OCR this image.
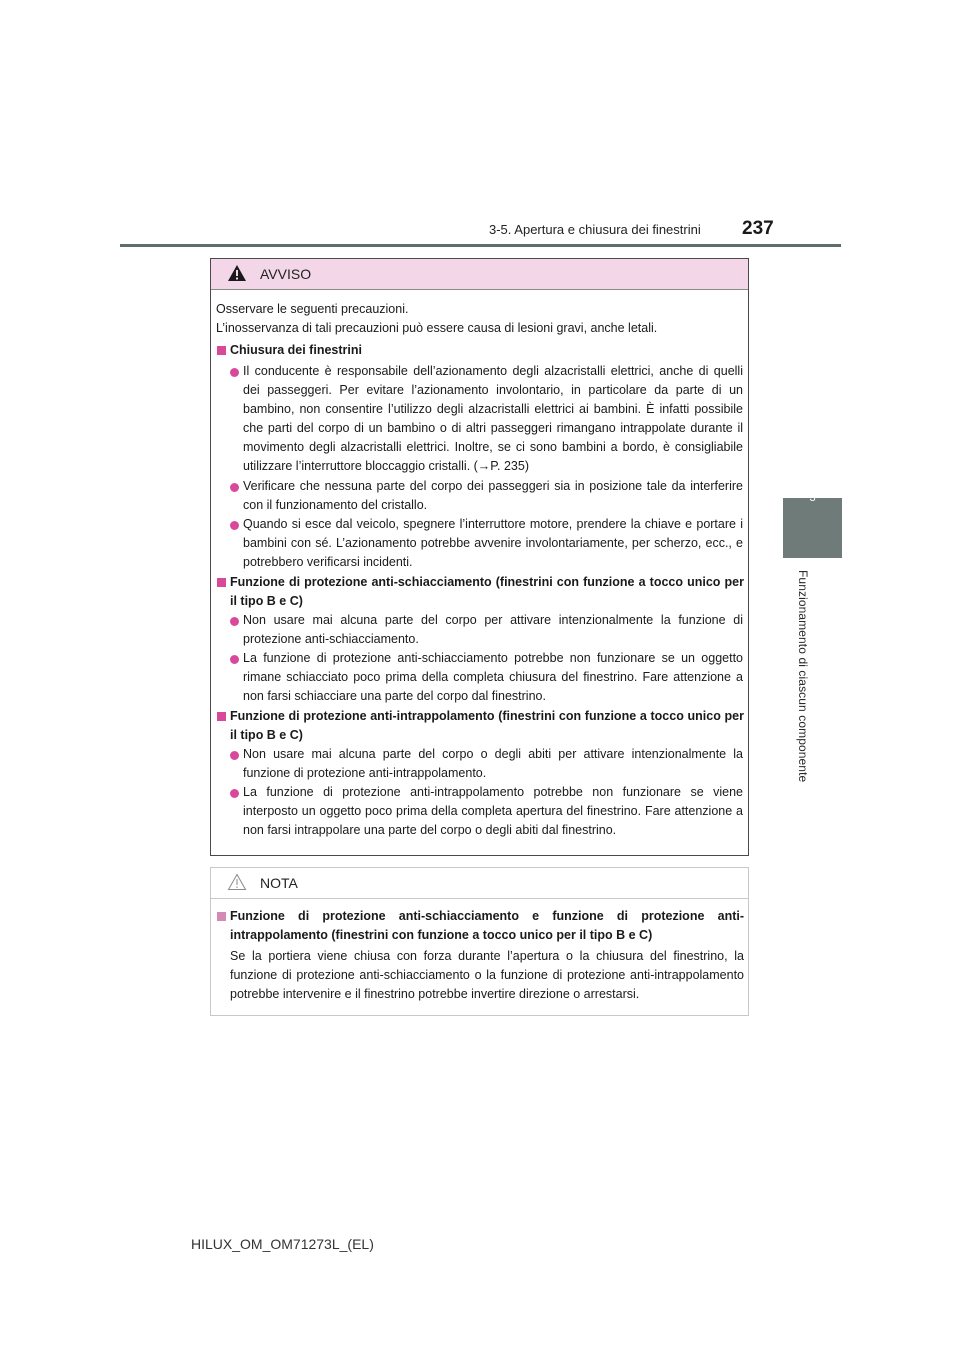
3-5. Apertura e chiusura dei finestrini 237
3
Funzionamento di ciascun componente
AVVISO
Osservare le seguenti precauzioni.
L’inosservanza di tali precauzioni può essere causa di lesioni gravi, anche letali.
Chiusura dei finestrini
Il conducente è responsabile dell’azionamento degli alzacristalli elettrici, anche di quelli dei passeggeri. Per evitare l’azionamento involontario, in particolare da parte di un bambino, non consentire l’utilizzo degli alzacristalli elettrici ai bambini. È infatti possibile che parti del corpo di un bambino o di altri passeggeri rimangano intrappolate durante il movimento degli alzacristalli elettrici. Inoltre, se ci sono bambini a bordo, è consigliabile utilizzare l’interruttore bloccaggio cristalli. (→P. 235)
Verificare che nessuna parte del corpo dei passeggeri sia in posizione tale da interferire con il funzionamento del cristallo.
Quando si esce dal veicolo, spegnere l’interruttore motore, prendere la chiave e portare i bambini con sé. L’azionamento potrebbe avvenire involontariamente, per scherzo, ecc., e potrebbero verificarsi incidenti.
Funzione di protezione anti-schiacciamento (finestrini con funzione a tocco unico per il tipo B e C)
Non usare mai alcuna parte del corpo per attivare intenzionalmente la funzione di protezione anti-schiacciamento.
La funzione di protezione anti-schiacciamento potrebbe non funzionare se un oggetto rimane schiacciato poco prima della completa chiusura del finestrino. Fare attenzione a non farsi schiacciare una parte del corpo dal finestrino.
Funzione di protezione anti-intrappolamento (finestrini con funzione a tocco unico per il tipo B e C)
Non usare mai alcuna parte del corpo o degli abiti per attivare intenzionalmente la funzione di protezione anti-intrappolamento.
La funzione di protezione anti-intrappolamento potrebbe non funzionare se viene interposto un oggetto poco prima della completa apertura del finestrino. Fare attenzione a non farsi intrappolare una parte del corpo o degli abiti dal finestrino.
NOTA
Funzione di protezione anti-schiacciamento e funzione di protezione anti-intrappolamento (finestrini con funzione a tocco unico per il tipo B e C)
Se la portiera viene chiusa con forza durante l’apertura o la chiusura del finestrino, la funzione di protezione anti-schiacciamento o la funzione di protezione anti-intrappolamento potrebbe intervenire e il finestrino potrebbe invertire direzione o arrestarsi.
HILUX_OM_OM71273L_(EL)
